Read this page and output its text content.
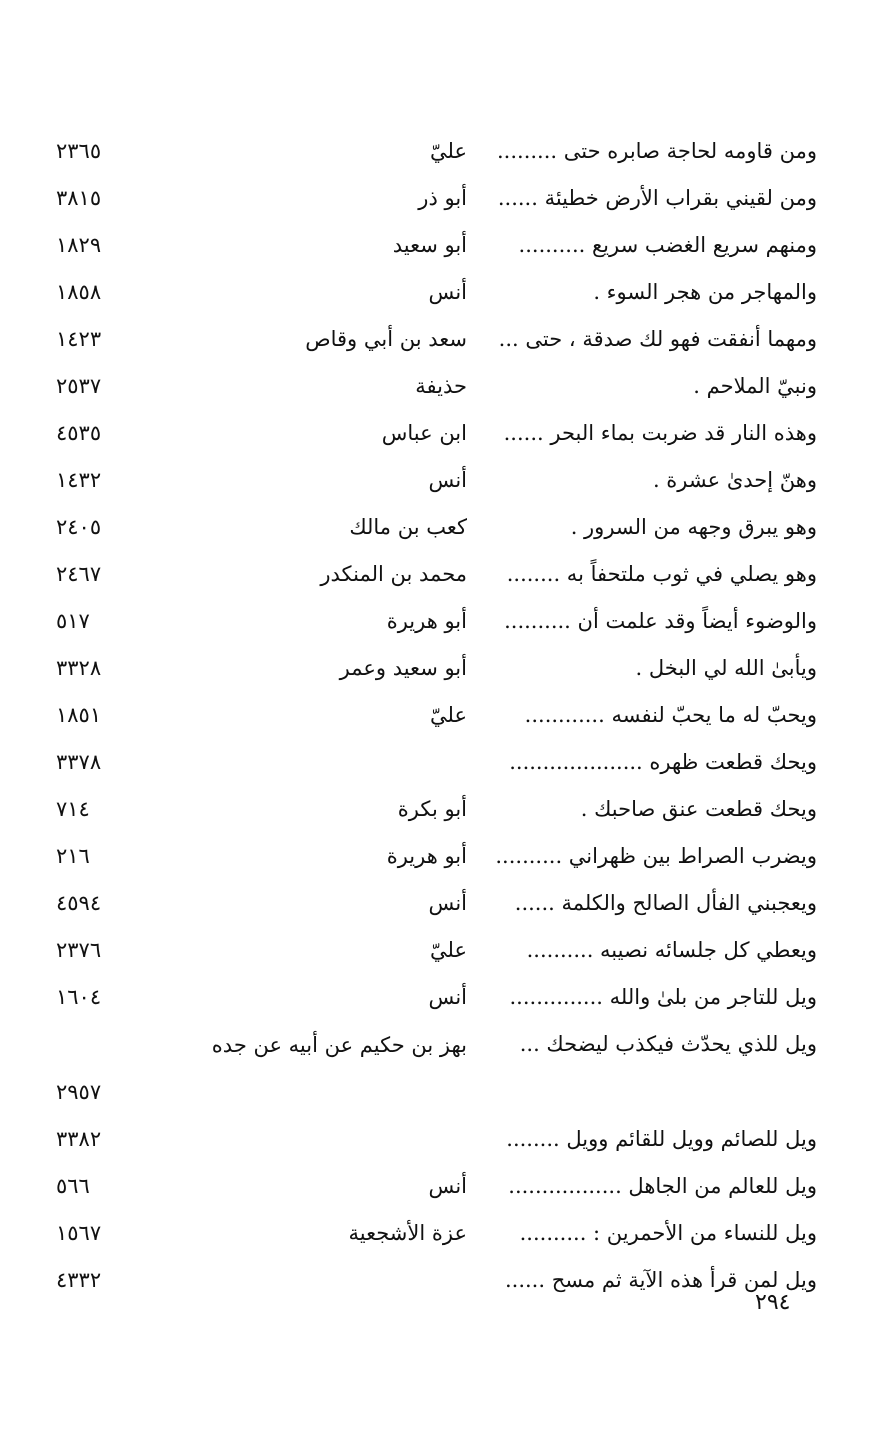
ومن قاومه لحاجة صابره حتى .........
عليّ
٢٣٦٥
ومن لقيني بقراب الأرض خطيئة ......
أبو ذر
٣٨١٥
ومنهم سريع الغضب سريع ..........
أبو سعيد
١٨٢٩
والمهاجر من هجر السوء .
أنس
١٨٥٨
ومهما أنفقت فهو لك صدقة ، حتى ...
سعد بن أبي وقاص
١٤٢٣
ونبيّ الملاحم .
حذيفة
٢٥٣٧
وهذه النار قد ضربت بماء البحر ......
ابن عباس
٤٥٣٥
وهنّ إحدىٰ عشرة .
أنس
١٤٣٢
وهو يبرق وجهه من السرور .
كعب بن مالك
٢٤٠٥
وهو يصلي في ثوب ملتحفاً به ........
محمد بن المنكدر
٢٤٦٧
والوضوء أيضاً وقد علمت أن ..........
أبو هريرة
٥١٧
ويأبىٰ الله لي البخل .
أبو سعيد وعمر
٣٣٢٨
ويحبّ له ما يحبّ لنفسه ............
عليّ
١٨٥١
ويحك قطعت ظهره ....................
٣٣٧٨
ويحك قطعت عنق صاحبك .
أبو بكرة
٧١٤
ويضرب الصراط بين ظهراني ..........
أبو هريرة
٢١٦
ويعجبني الفأل الصالح والكلمة ......
أنس
٤٥٩٤
ويعطي كل جلسائه نصيبه ..........
عليّ
٢٣٧٦
ويل للتاجر من بلىٰ والله ..............
أنس
١٦٠٤
ويل للذي يحدّث فيكذب ليضحك ...
بهز بن حكيم عن أبيه عن جده
٢٩٥٧
ويل للصائم وويل للقائم وويل ........
٣٣٨٢
ويل للعالم من الجاهل .................
أنس
٥٦٦
ويل للنساء من الأحمرين : ..........
عزة الأشجعية
١٥٦٧
ويل لمن قرأ هذه الآية ثم مسح ......
٤٣٣٢
٢٩٤
